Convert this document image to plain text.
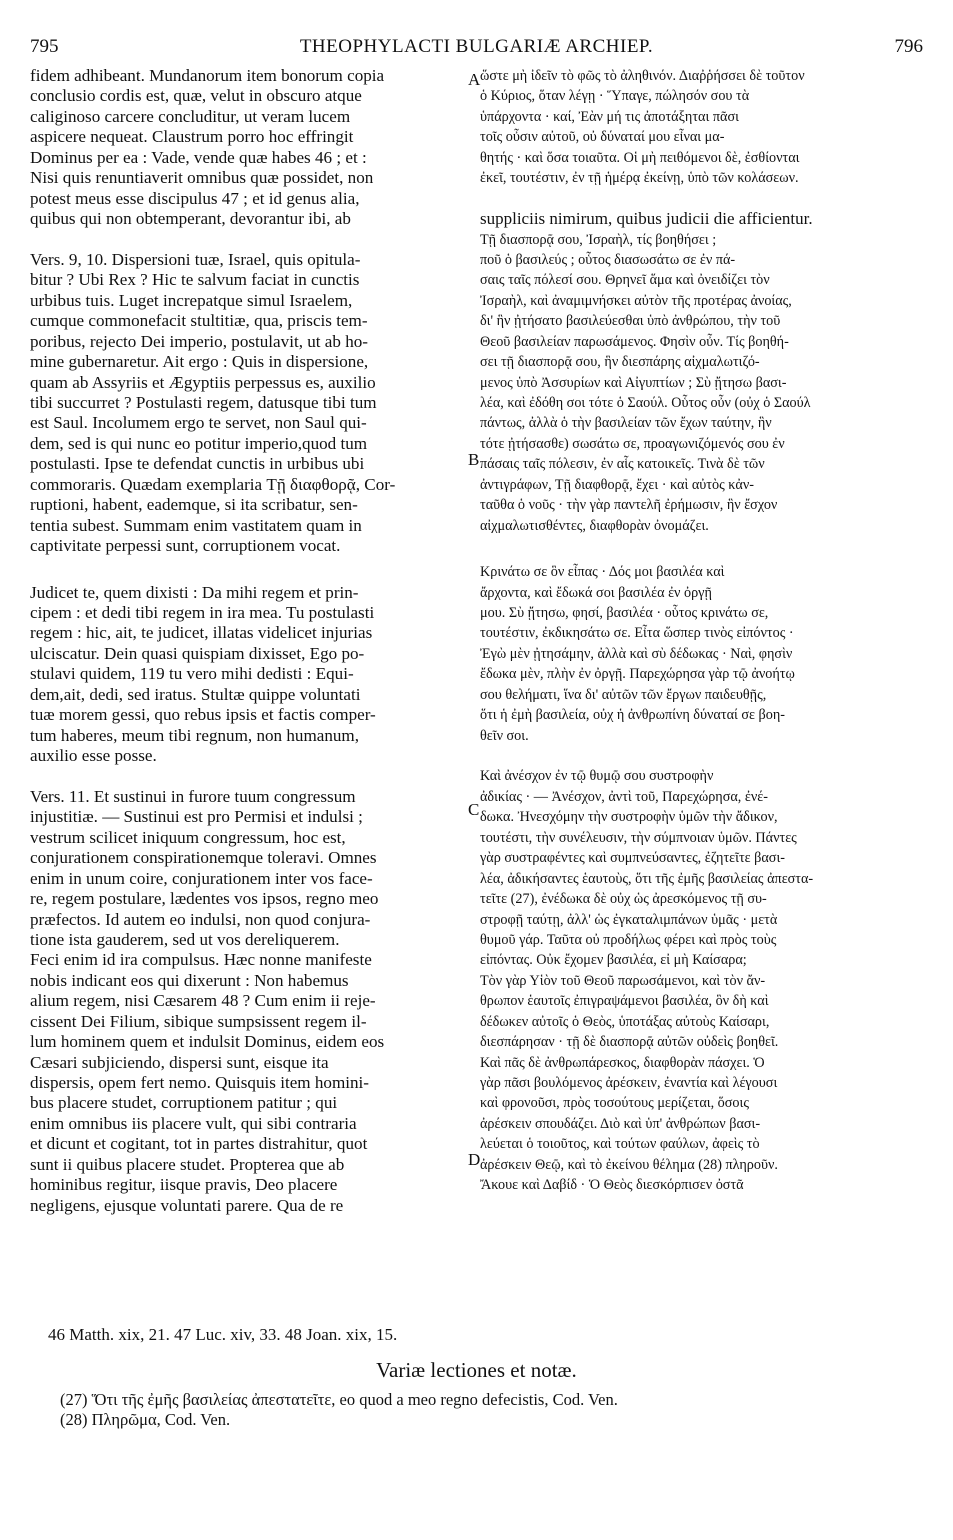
795	THEOPHYLACTI BULGARIÆ ARCHIEP.	796
fidem adhibeant. Mundanorum item bonorum copia
conclusio cordis est, quæ, velut in obscuro atque
caliginoso carcere concluditur, ut veram lucem
aspicere nequeat. Claustrum porro hoc effringit
Dominus per ea : Vade, vende quæ habes 46 ; et :
Nisi quis renuntiaverit omnibus quæ possidet, non
potest meus esse discipulus 47 ; et id genus alia,
quibus qui non obtemperant, devorantur ibi, ab
Vers. 9, 10. Dispersioni tuæ, Israel, quis opitula-
bitur ? Ubi Rex ? Hic te salvum faciat in cunctis
urbibus tuis. Luget increpatque simul Israelem,
cumque commonefacit stultitiæ, qua, priscis tem-
poribus, rejecto Dei imperio, postulavit, ut ab ho-
mine gubernaretur. Ait ergo : Quis in dispersione,
quam ab Assyriis et Ægyptiis perpessus es, auxilio
tibi succurret ? Postulasti regem, datusque tibi tum
est Saul. Incolumem ergo te servet, non Saul qui-
dem, sed is qui nunc eo potitur imperio,quod tum
postulasti. Ipse te defendat cunctis in urbibus ubi
commoraris. Quædam exemplaria Τῇ διαφθορᾷ, Cor-
ruptioni, habent, eademque, si ita scribatur, sen-
tentia subest. Summam enim vastitatem quam in
captivitate perpessi sunt, corruptionem vocat.
Judicet te, quem dixisti : Da mihi regem et prin-
cipem : et dedi tibi regem in ira mea. Tu postulasti
regem : hic, ait, te judicet, illatas videlicet injurias
ulciscatur. Dein quasi quispiam dixisset, Ego po-
stulavi quidem, 119 tu vero mihi dedisti : Equi-
dem,ait, dedi, sed iratus. Stultæ quippe voluntati
tuæ morem gessi, quo rebus ipsis et factis comper-
tum haberes, meum tibi regnum, non humanum,
auxilio esse posse.
Vers. 11. Et sustinui in furore tuum congressum
injustitiæ. — Sustinui est pro Permisi et indulsi ;
vestrum scilicet iniquum congressum, hoc est,
conjurationem conspirationemque toleravi. Omnes
enim in unum coire, conjurationem inter vos face-
re, regem postulare, lædentes vos ipsos, regno meo
præfectos. Id autem eo indulsi, non quod conjura-
tione ista gauderem, sed ut vos dereliquerem.
Feci enim id ira compulsus. Hæc nonne manifeste
nobis indicant eos qui dixerunt : Non habemus
alium regem, nisi Cæsarem 48 ? Cum enim ii reje-
cissent Dei Filium, sibique sumpsissent regem il-
lum hominem quem et indulsit Dominus, eidem eos
Cæsari subjiciendo, dispersi sunt, eisque ita
dispersis, opem fert nemo. Quisquis item homini-
bus placere studet, corruptionem patitur ; qui
enim omnibus iis placere vult, qui sibi contraria
et dicunt et cogitant, tot in partes distrahitur, quot
sunt ii quibus placere studet. Propterea que ab
hominibus regitur, iisque pravis, Deo placere
negligens, ejusque voluntati parere. Qua de re
ὥστε μὴ ἰδεῖν τὸ φῶς τὸ ἀληθινόν. Διαῤῥήσσει δὲ τοῦτον
ὁ Κύριος, ὅταν λέγῃ · Ὕπαγε, πώλησόν σου τὰ
ὑπάρχοντα · καί, Ἐὰν μή τις ἀποτάξηται πᾶσι
τοῖς οὖσιν αὐτοῦ, οὐ δύναταί μου εἶναι μα-
θητής · καὶ ὅσα τοιαῦτα. Οἱ μὴ πειθόμενοι δὲ, ἐσθίονται
ἐκεῖ, τουτέστιν, ἐν τῇ ἡμέρᾳ ἐκείνῃ, ὑπὸ τῶν κολάσεων.
suppliciis nimirum, quibus judicii die afficientur.
Τῇ διασπορᾷ σου, Ἰσραὴλ, τίς βοηθήσει ;
ποῦ ὁ βασιλεύς ; οὗτος διασωσάτω σε ἐν πά-
σαις ταῖς πόλεσί σου. Θρηνεῖ ἅμα καὶ ὀνειδίζει τὸν
Ἰσραὴλ, καὶ ἀναμιμνήσκει αὐτὸν τῆς προτέρας ἀνοίας,
δι' ἣν ᾐτήσατο βασιλεύεσθαι ὑπὸ ἀνθρώπου, τὴν τοῦ
Θεοῦ βασιλείαν παρωσάμενος. Φησὶν οὖν. Τίς βοηθή-
σει τῇ διασπορᾷ σου, ἣν διεσπάρης αἰχμαλωτιζό-
μενος ὑπὸ Ἀσσυρίων καὶ Αἰγυπτίων ; Σὺ ᾔτησω βασι-
λέα, καὶ ἐδόθη σοι τότε ὁ Σαούλ. Οὗτος οὖν (οὐχ ὁ Σαούλ
πάντως, ἀλλὰ ὁ τὴν βασιλείαν τῶν ἔχων ταύτην, ἣν
τότε ᾐτήσασθε) σωσάτω σε, προαγωνιζόμενός σου ἐν
πάσαις ταῖς πόλεσιν, ἐν αἷς κατοικεῖς. Τινὰ δὲ τῶν
ἀντιγράφων, Τῇ διαφθορᾷ, ἔχει · καὶ αὐτὸς κἀν-
ταῦθα ὁ νοῦς · τὴν γὰρ παντελῆ ἐρήμωσιν, ἣν ἔσχον
αἰχμαλωτισθέντες, διαφθορὰν ὀνομάζει.
Κρινάτω σε ὃν εἶπας · Δός μοι βασιλέα καὶ
ἄρχοντα, καὶ ἔδωκά σοι βασιλέα ἐν ὀργῇ
μου. Σὺ ᾔτησω, φησί, βασιλέα · οὗτος κρινάτω σε,
τουτέστιν, ἐκδικησάτω σε. Εἶτα ὥσπερ τινὸς εἰπόντος ·
Ἐγὼ μὲν ᾐτησάμην, ἀλλὰ καὶ σὺ δέδωκας · Ναὶ, φησὶν
ἔδωκα μὲν, πλὴν ἐν ὀργῇ. Παρεχώρησα γὰρ τῷ ἀνοήτῳ
σου θελήματι, ἵνα δι' αὐτῶν τῶν ἔργων παιδευθῇς,
ὅτι ἡ ἐμὴ βασιλεία, οὐχ ἡ ἀνθρωπίνη δύναταί σε βοη-
θεῖν σοι.
Καὶ ἀνέσχον ἐν τῷ θυμῷ σου συστροφὴν
ἀδικίας · — Ἀνέσχον, ἀντὶ τοῦ, Παρεχώρησα, ἐνέ-
δωκα. Ἠνεσχόμην τὴν συστροφὴν ὑμῶν τὴν ἄδικον,
τουτέστι, τὴν συνέλευσιν, τὴν σύμπνοιαν ὑμῶν. Πάντες
γὰρ συστραφέντες καὶ συμπνεύσαντες, ἐζητεῖτε βασι-
λέα, ἀδικήσαντες ἑαυτοὺς, ὅτι τῆς ἐμῆς βασιλείας ἀπεστα-
τεῖτε (27), ἐνέδωκα δὲ οὐχ ὡς ἀρεσκόμενος τῇ συ-
στροφῇ ταύτῃ, ἀλλ' ὡς ἐγκαταλιμπάνων ὑμᾶς · μετὰ
θυμοῦ γάρ. Ταῦτα οὐ προδήλως φέρει καὶ πρὸς τοὺς
εἰπόντας. Οὐκ ἔχομεν βασιλέα, εἰ μὴ Καίσαρα;
Τὸν γὰρ Υἱὸν τοῦ Θεοῦ παρωσάμενοι, καὶ τὸν ἄν-
θρωπον ἑαυτοῖς ἐπιγραψάμενοι βασιλέα, ὃν δὴ καὶ
δέδωκεν αὐτοῖς ὁ Θεὸς, ὑποτάξας αὐτοὺς Καίσαρι,
διεσπάρησαν · τῇ δὲ διασπορᾷ αὐτῶν οὐδεὶς βοηθεῖ.
Καὶ πᾶς δὲ ἀνθρωπάρεσκος, διαφθορὰν πάσχει. Ὁ
γὰρ πᾶσι βουλόμενος ἀρέσκειν, ἐναντία καὶ λέγουσι
καὶ φρονοῦσι, πρὸς τοσούτους μερίζεται, ὅσοις
ἀρέσκειν σπουδάζει. Διὸ καὶ ὑπ' ἀνθρώπων βασι-
λεύεται ὁ τοιοῦτος, καὶ τούτων φαύλων, ἀφεὶς τὸ
ἀρέσκειν Θεῷ, καὶ τὸ ἐκείνου θέλημα (28) πληροῦν.
Ἄκουε καὶ Δαβίδ · Ὁ Θεὸς διεσκόρπισεν ὀστᾶ
A
B
C
D
46 Matth. xix, 21. 47 Luc. xiv, 33. 48 Joan. xix, 15.
Variæ lectiones et notæ.
(27) Ὅτι τῆς ἐμῆς βασιλείας ἀπεστατεῖτε, eo quod a meo regno defecistis, Cod. Ven.
(28) Πληρῶμα, Cod. Ven.
